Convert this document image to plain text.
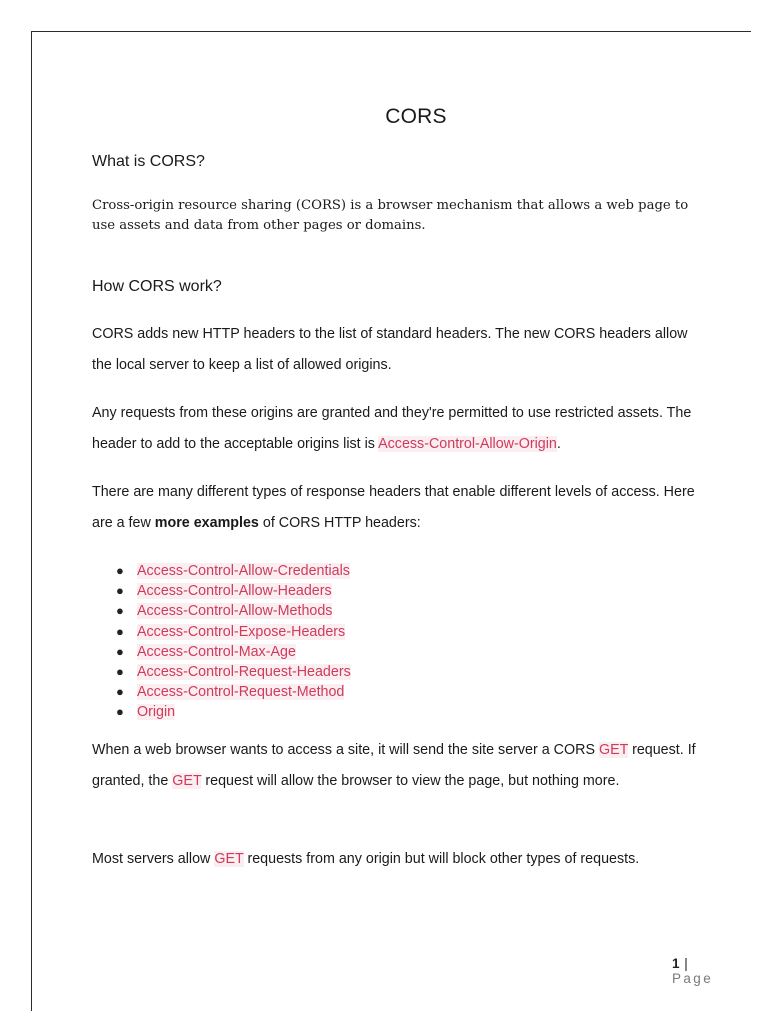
CORS
What is CORS?

Cross-origin resource sharing (CORS) is a browser mechanism that allows a web page to use assets and data from other pages or domains.

How CORS work?

CORS adds new HTTP headers to the list of standard headers. The new CORS headers allow the local server to keep a list of allowed origins.

Any requests from these origins are granted and they're permitted to use restricted assets. The header to add to the acceptable origins list is Access-Control-Allow-Origin.

There are many different types of response headers that enable different levels of access. Here are a few more examples of CORS HTTP headers:

● Access-Control-Allow-Credentials
● Access-Control-Allow-Headers
● Access-Control-Allow-Methods
● Access-Control-Expose-Headers
● Access-Control-Max-Age
● Access-Control-Request-Headers
● Access-Control-Request-Method
● Origin

When a web browser wants to access a site, it will send the site server a CORS GET request. If granted, the GET request will allow the browser to view the page, but nothing more.

Most servers allow GET requests from any origin but will block other types of requests.

1 | Page
